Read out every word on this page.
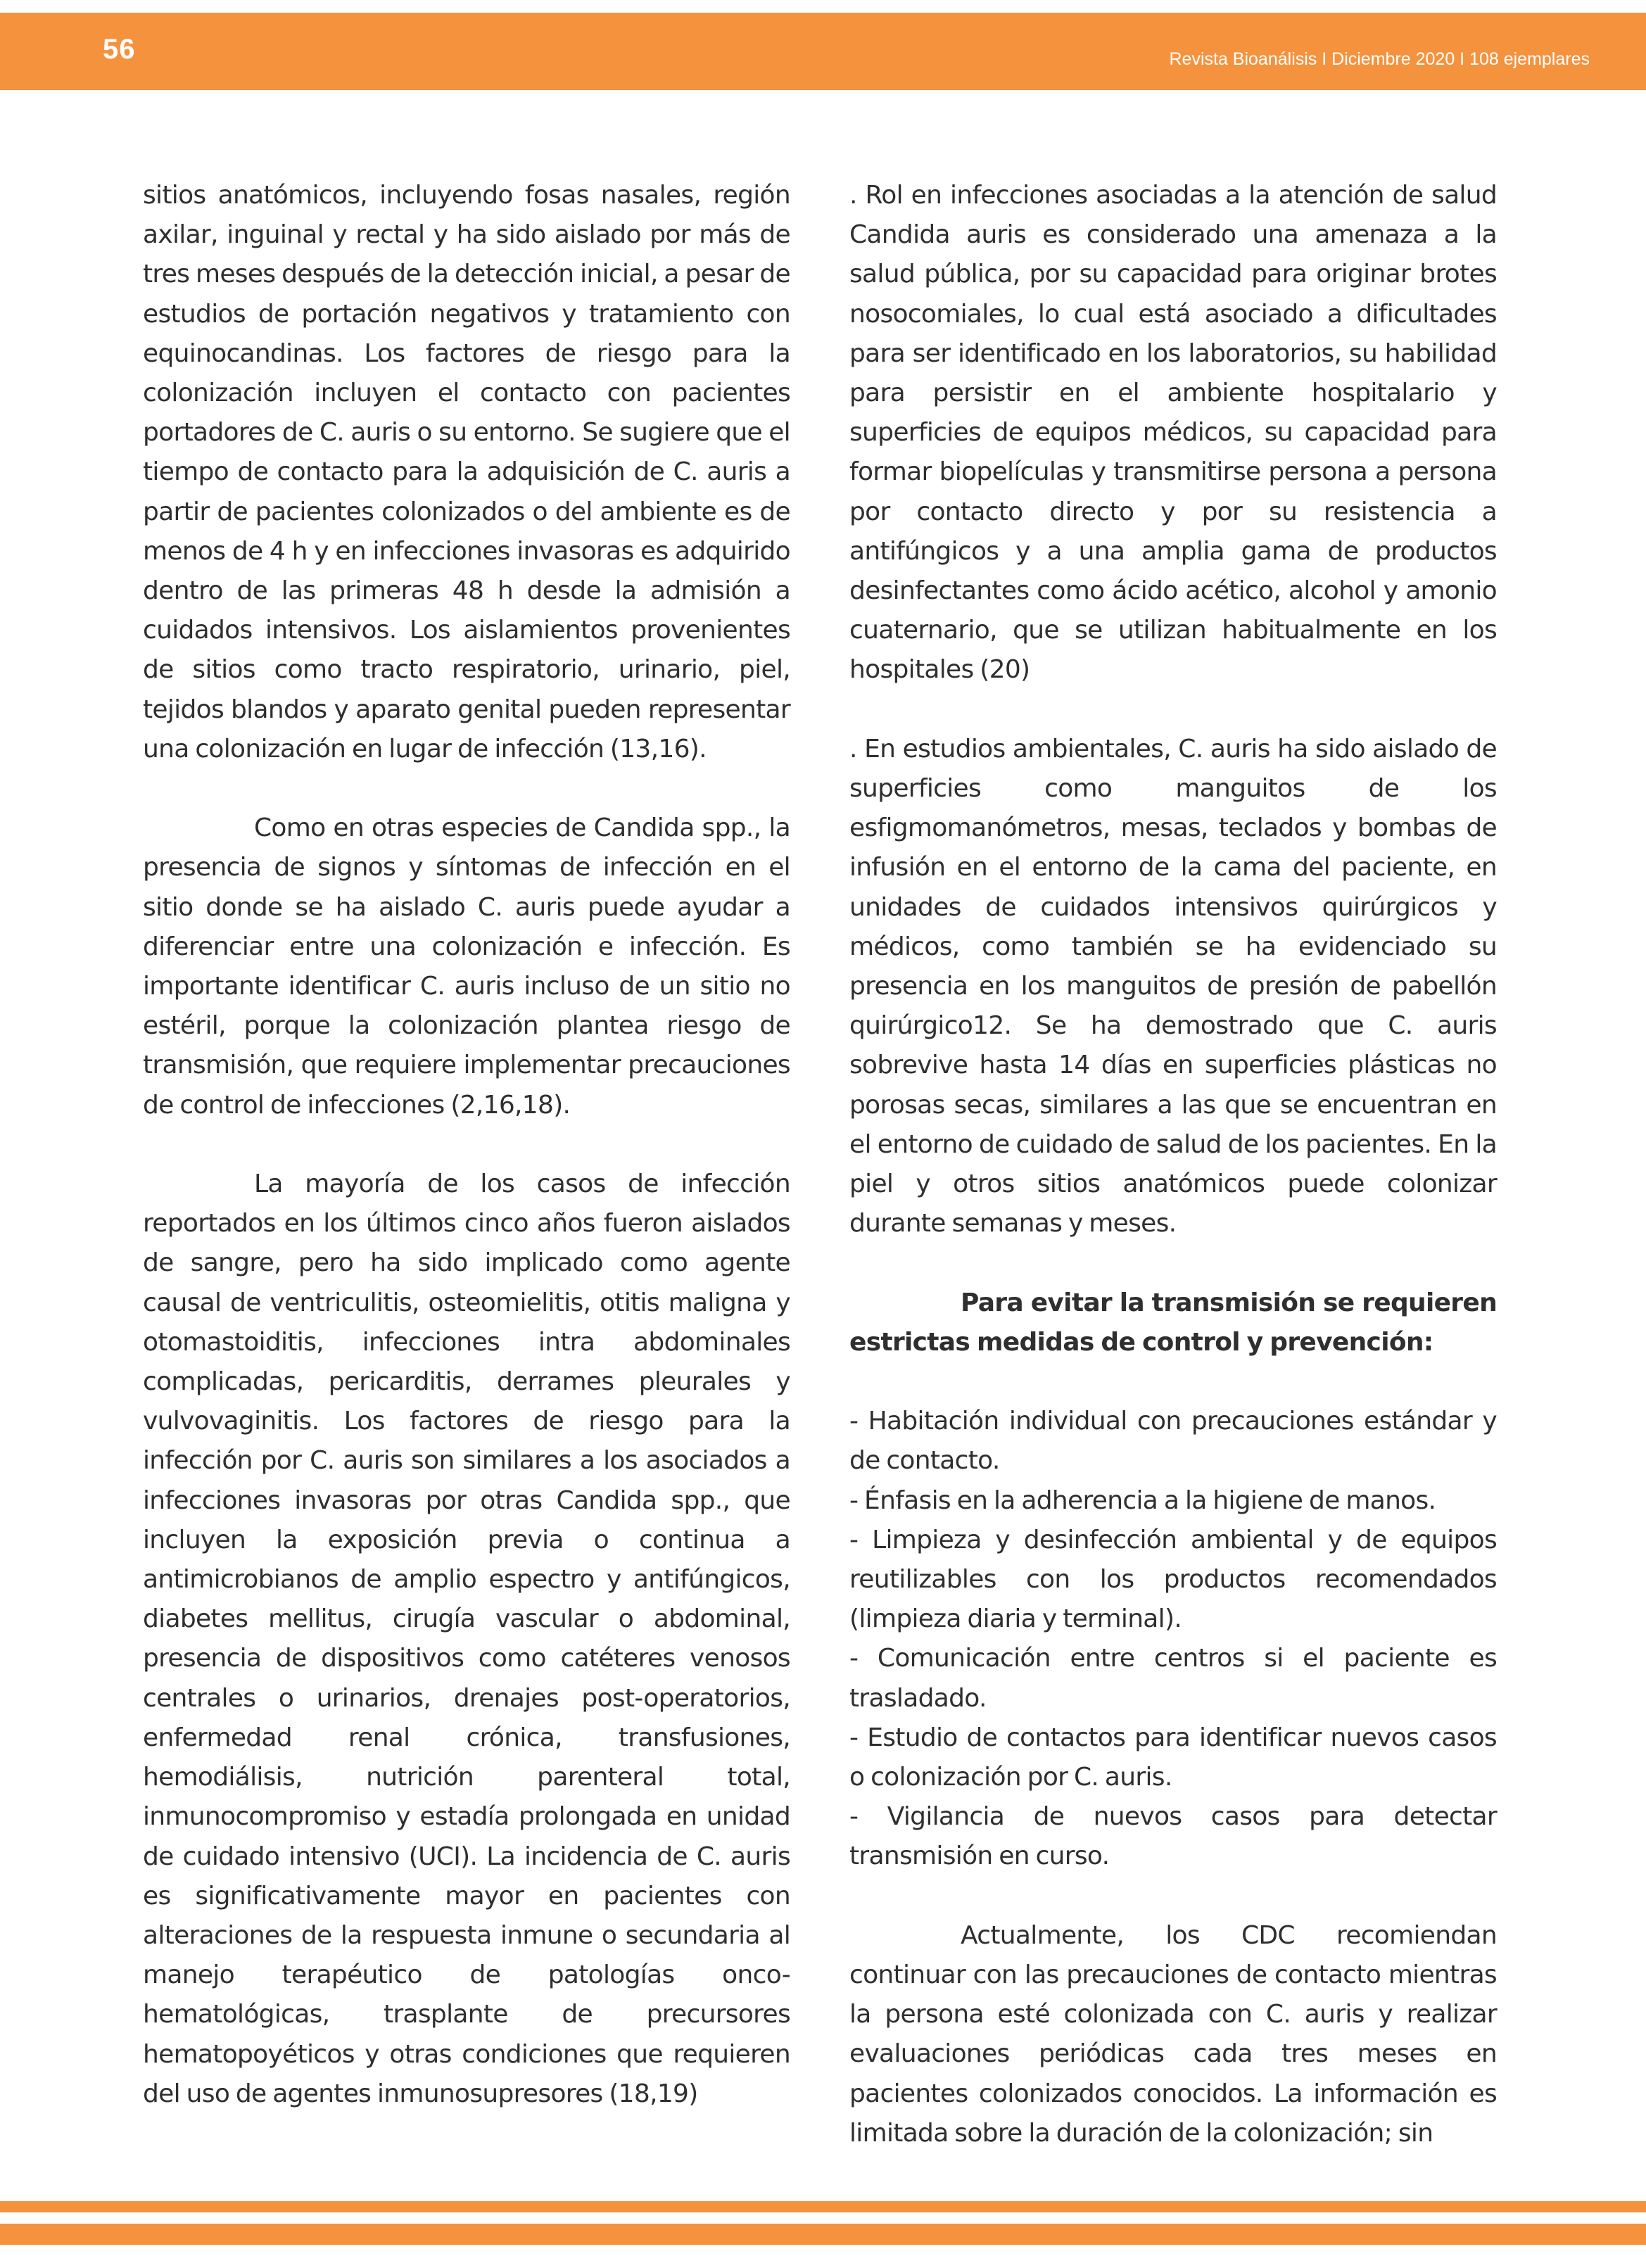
56	Revista Bioanálisis I Diciembre 2020 I 108 ejemplares

sitios anatómicos, incluyendo fosas nasales, región axilar, inguinal y rectal y ha sido aislado por más de tres meses después de la detección inicial, a pesar de estudios de portación negativos y tratamiento con equinocandinas. Los factores de riesgo para la colonización incluyen el contacto con pacientes portadores de C. auris o su entorno. Se sugiere que el tiempo de contacto para la adquisición de C. auris a partir de pacientes colonizados o del ambiente es de menos de 4 h y en infecciones invasoras es adquirido dentro de las primeras 48 h desde la admisión a cuidados intensivos. Los aislamientos provenientes de sitios como tracto respiratorio, urinario, piel, tejidos blandos y aparato genital pueden representar una colonización en lugar de infección (13,16).

Como en otras especies de Candida spp., la presencia de signos y síntomas de infección en el sitio donde se ha aislado C. auris puede ayudar a diferenciar entre una colonización e infección. Es importante identificar C. auris incluso de un sitio no estéril, porque la colonización plantea riesgo de transmisión, que requiere implementar precauciones de control de infecciones (2,16,18).

La mayoría de los casos de infección reportados en los últimos cinco años fueron aislados de sangre, pero ha sido implicado como agente causal de ventriculitis, osteomielitis, otitis maligna y otomastoiditis, infecciones intra abdominales complicadas, pericarditis, derrames pleurales y vulvovaginitis. Los factores de riesgo para la infección por C. auris son similares a los asociados a infecciones invasoras por otras Candida spp., que incluyen la exposición previa o continua a antimicrobianos de amplio espectro y antifúngicos, diabetes mellitus, cirugía vascular o abdominal, presencia de dispositivos como catéteres venosos centrales o urinarios, drenajes post-operatorios, enfermedad renal crónica, transfusiones, hemodiálisis, nutrición parenteral total, inmunocompromiso y estadía prolongada en unidad de cuidado intensivo (UCI). La incidencia de C. auris es significativamente mayor en pacientes con alteraciones de la respuesta inmune o secundaria al manejo terapéutico de patologías onco-hematológicas, trasplante de precursores hematopoyéticos y otras condiciones que requieren del uso de agentes inmunosupresores (18,19)

. Rol en infecciones asociadas a la atención de salud Candida auris es considerado una amenaza a la salud pública, por su capacidad para originar brotes nosocomiales, lo cual está asociado a dificultades para ser identificado en los laboratorios, su habilidad para persistir en el ambiente hospitalario y superficies de equipos médicos, su capacidad para formar biopelículas y transmitirse persona a persona por contacto directo y por su resistencia a antifúngicos y a una amplia gama de productos desinfectantes como ácido acético, alcohol y amonio cuaternario, que se utilizan habitualmente en los hospitales (20)

. En estudios ambientales, C. auris ha sido aislado de superficies como manguitos de los esfigmomanómetros, mesas, teclados y bombas de infusión en el entorno de la cama del paciente, en unidades de cuidados intensivos quirúrgicos y médicos, como también se ha evidenciado su presencia en los manguitos de presión de pabellón quirúrgico12. Se ha demostrado que C. auris sobrevive hasta 14 días en superficies plásticas no porosas secas, similares a las que se encuentran en el entorno de cuidado de salud de los pacientes. En la piel y otros sitios anatómicos puede colonizar durante semanas y meses.

Para evitar la transmisión se requieren estrictas medidas de control y prevención:

- Habitación individual con precauciones estándar y de contacto.
- Énfasis en la adherencia a la higiene de manos.
- Limpieza y desinfección ambiental y de equipos reutilizables con los productos recomendados (limpieza diaria y terminal).
- Comunicación entre centros si el paciente es trasladado.
- Estudio de contactos para identificar nuevos casos o colonización por C. auris.
- Vigilancia de nuevos casos para detectar transmisión en curso.

Actualmente, los CDC recomiendan continuar con las precauciones de contacto mientras la persona esté colonizada con C. auris y realizar evaluaciones periódicas cada tres meses en pacientes colonizados conocidos. La información es limitada sobre la duración de la colonización; sin
